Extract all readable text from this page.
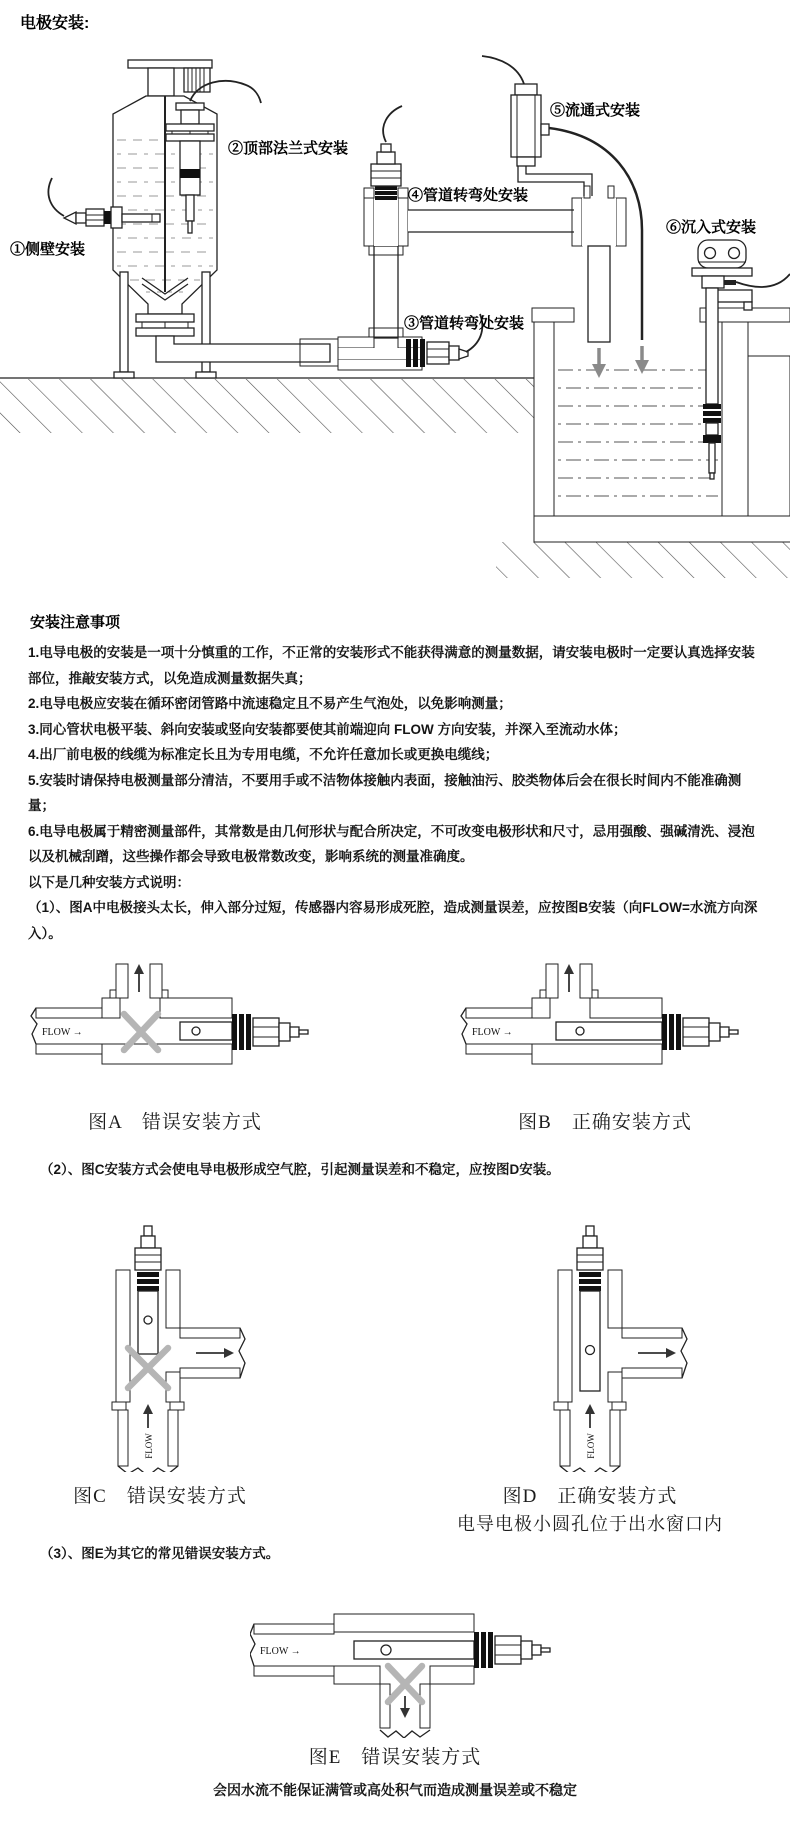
电极安装:
①侧壁安装
②顶部法兰式安装
③管道转弯处安装
④管道转弯处安装
⑤流通式安装
⑥沉入式安装
安装注意事项

1.电导电极的安装是一项十分慎重的工作，不正常的安装形式不能获得满意的测量数据，请安装电极时一定要认真选择安装部位，推敲安装方式，以免造成测量数据失真；

2.电导电极应安装在循环密闭管路中流速稳定且不易产生气泡处，以免影响测量；

3.同心管状电极平装、斜向安装或竖向安装都要使其前端迎向 FLOW 方向安装，并深入至流动水体；

4.出厂前电极的线缆为标准定长且为专用电缆，不允许任意加长或更换电缆线；

5.安装时请保持电极测量部分清洁，不要用手或不洁物体接触内表面，接触油污、胶类物体后会在很长时间内不能准确测量；

6.电导电极属于精密测量部件，其常数是由几何形状与配合所决定，不可改变电极形状和尺寸，忌用强酸、强碱清洗、浸泡以及机械刮蹭，这些操作都会导致电极常数改变，影响系统的测量准确度。

以下是几种安装方式说明：

（1）、图A中电极接头太长，伸入部分过短，传感器内容易形成死腔，造成测量误差，应按图B安装（向FLOW=水流方向深入）。

FLOW →
图A　错误安装方式
FLOW →
图B　正确安装方式
（2）、图C安装方式会使电导电极形成空气腔，引起测量误差和不稳定，应按图D安装。
FLOW
图C　错误安装方式
FLOW
图D　正确安装方式
电导电极小圆孔位于出水窗口内
（3）、图E为其它的常见错误安装方式。
FLOW →
图E　错误安装方式
会因水流不能保证满管或高处积气而造成测量误差或不稳定
